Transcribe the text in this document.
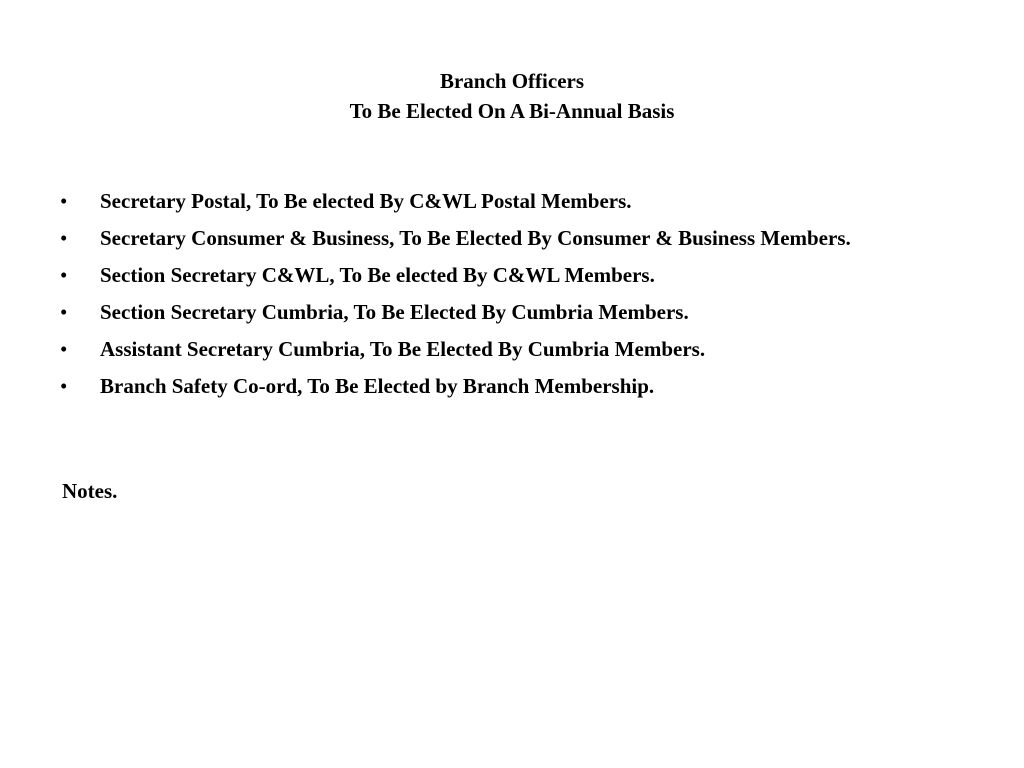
Branch Officers
To Be Elected On A Bi-Annual Basis
•	Secretary Postal, To Be elected By C&WL Postal Members.
•	Secretary Consumer & Business, To Be Elected By Consumer & Business Members.
•	Section Secretary C&WL, To Be elected By C&WL Members.
•	Section Secretary Cumbria, To Be Elected By Cumbria Members.
•	Assistant Secretary Cumbria, To Be Elected By Cumbria Members.
•	Branch Safety Co-ord, To Be Elected by Branch Membership.
Notes.
